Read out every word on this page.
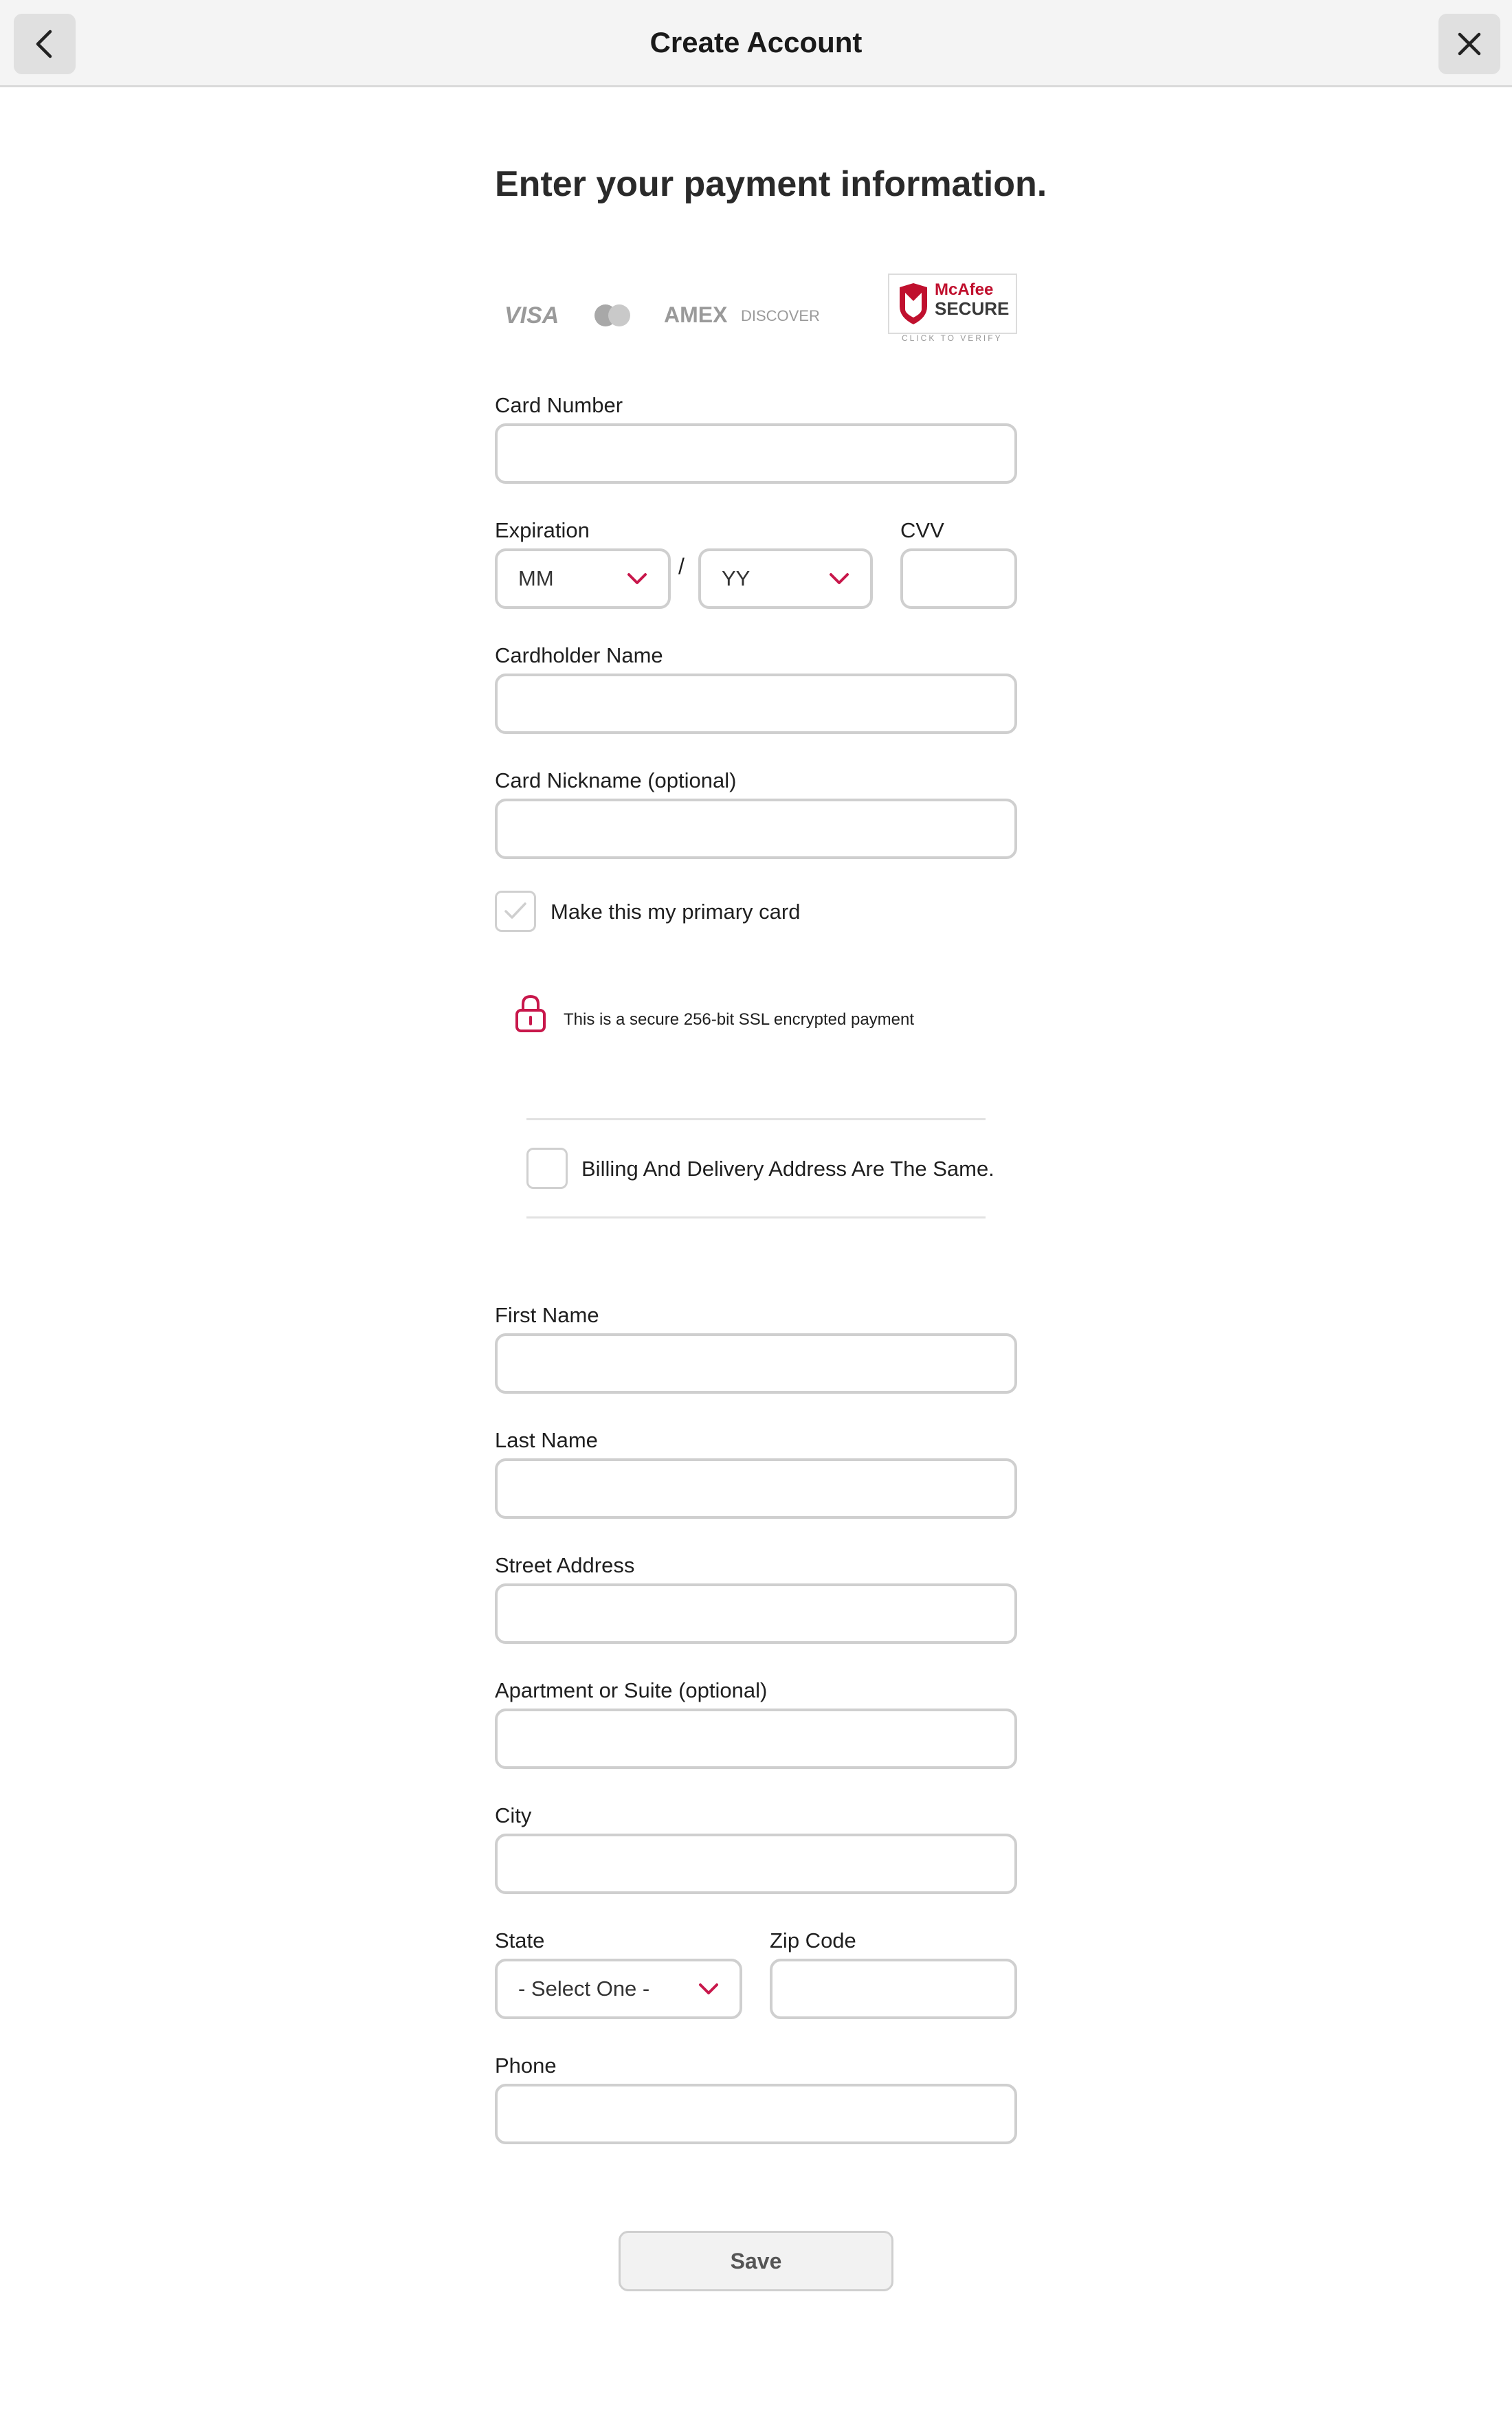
Create Account
Enter your payment information.
VISA	AMEX DISCOVER
McAfee
SECURE
CLICK TO VERIFY
Card Number
Expiration
MM	/ YY
CVV
Cardholder Name
Card Nickname (optional)
Make this my primary card
This is a secure 256-bit SSL encrypted payment
Billing And Delivery Address Are The Same.
First Name
Last Name
Street Address
Apartment or Suite (optional)
City
State
- Select One -
Zip Code
Phone
Save
